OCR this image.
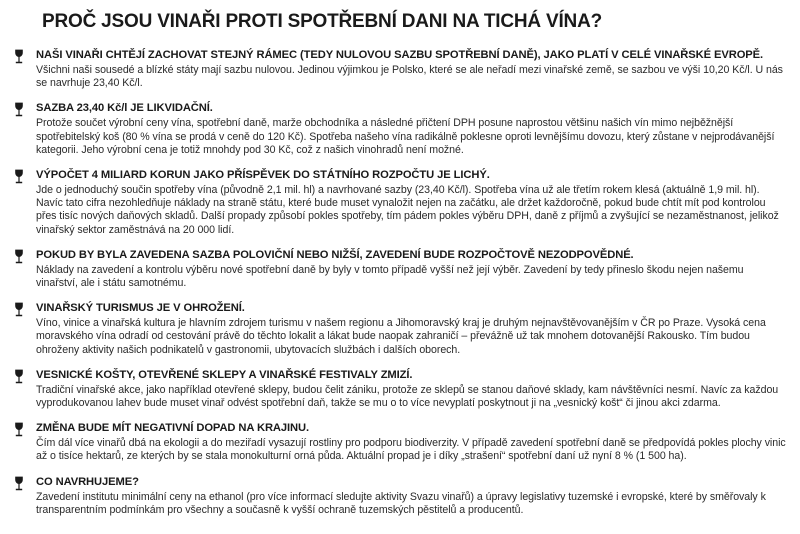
PROČ JSOU VINAŘI PROTI SPOTŘEBNÍ DANI NA TICHÁ VÍNA?
NAŠI VINAŘI CHTĚJÍ ZACHOVAT STEJNÝ RÁMEC (TEDY NULOVOU SAZBU SPOTŘEBNÍ DANĚ), JAKO PLATÍ V CELÉ VINAŘSKÉ EVROPĚ.

Všichni naši sousedé a blízké státy mají sazbu nulovou. Jedinou výjimkou je Polsko, které se ale neřadí mezi vinařské země, se sazbou ve výši 10,20 Kč/l. U nás se navrhuje 23,40 Kč/l.

SAZBA 23,40 Kč/l JE LIKVIDAČNÍ.

Protože součet výrobní ceny vína, spotřební daně, marže obchodníka a následné přičtení DPH posune naprostou většinu našich vín mimo nejběžnější spotřebitelský koš (80 % vína se prodá v ceně do 120 Kč). Spotřeba našeho vína radikálně poklesne oproti levnějšímu dovozu, který zůstane v nejprodávanější kategorii. Jeho výrobní cena je totiž mnohdy pod 30 Kč, což z našich vinohradů není možné.

VÝPOČET 4 MILIARD KORUN JAKO PŘÍSPĚVEK DO STÁTNÍHO ROZPOČTU JE LICHÝ.

Jde o jednoduchý součin spotřeby vína (původně 2,1 mil. hl) a navrhované sazby (23,40 Kč/l). Spotřeba vína už ale třetím rokem klesá (aktuálně 1,9 mil. hl). Navíc tato cifra nezohledňuje náklady na straně státu, které bude muset vynaložit nejen na začátku, ale držet každoročně, pokud bude chtít mít pod kontrolou přes tisíc nových daňových skladů. Další propady způsobí pokles spotřeby, tím pádem pokles výběru DPH, daně z příjmů a zvyšující se nezaměstnanost, jelikož vinařský sektor zaměstnává na 20 000 lidí.

POKUD BY BYLA ZAVEDENA SAZBA POLOVIČNÍ NEBO NIŽŠÍ, ZAVEDENÍ BUDE ROZPOČTOVĚ NEZODPOVĚDNÉ.

Náklady na zavedení a kontrolu výběru nové spotřební daně by byly v tomto případě vyšší než její výběr. Zavedení by tedy přineslo škodu nejen našemu vinařství, ale i státu samotnému.

VINAŘSKÝ TURISMUS JE V OHROŽENÍ.

Víno, vinice a vinařská kultura je hlavním zdrojem turismu v našem regionu a Jihomoravský kraj je druhým nejnavštěvovanějším v ČR po Praze. Vysoká cena moravského vína odradí od cestování právě do těchto lokalit a lákat bude naopak zahraničí – převážně už tak mnohem dotovanější Rakousko. Tím budou ohroženy aktivity našich podnikatelů v gastronomii, ubytovacích službách i dalších oborech.

VESNICKÉ KOŠTY, OTEVŘENÉ SKLEPY A VINAŘSKÉ FESTIVALY ZMIZÍ.

Tradiční vinařské akce, jako například otevřené sklepy, budou čelit zániku, protože ze sklepů se stanou daňové sklady, kam návštěvníci nesmí. Navíc za každou vyprodukovanou lahev bude muset vinař odvést spotřební daň, takže se mu o to více nevyplatí poskytnout ji na „vesnický košt“ či jinou akci zdarma.

ZMĚNA BUDE MÍT NEGATIVNÍ DOPAD NA KRAJINU.

Čím dál více vinařů dbá na ekologii a do meziřadí vysazují rostliny pro podporu biodiverzity. V případě zavedení spotřební daně se předpovídá pokles plochy vinic až o tisíce hektarů, ze kterých by se stala monokulturní orná půda. Aktuální propad je i díky „strašení“ spotřební daní už nyní 8 % (1 500 ha).

CO NAVRHUJEME?

Zavedení institutu minimální ceny na ethanol (pro více informací sledujte aktivity Svazu vinařů) a úpravy legislativy tuzemské i evropské, které by směřovaly k transparentním podmínkám pro všechny a současně k vyšší ochraně tuzemských pěstitelů a producentů.
